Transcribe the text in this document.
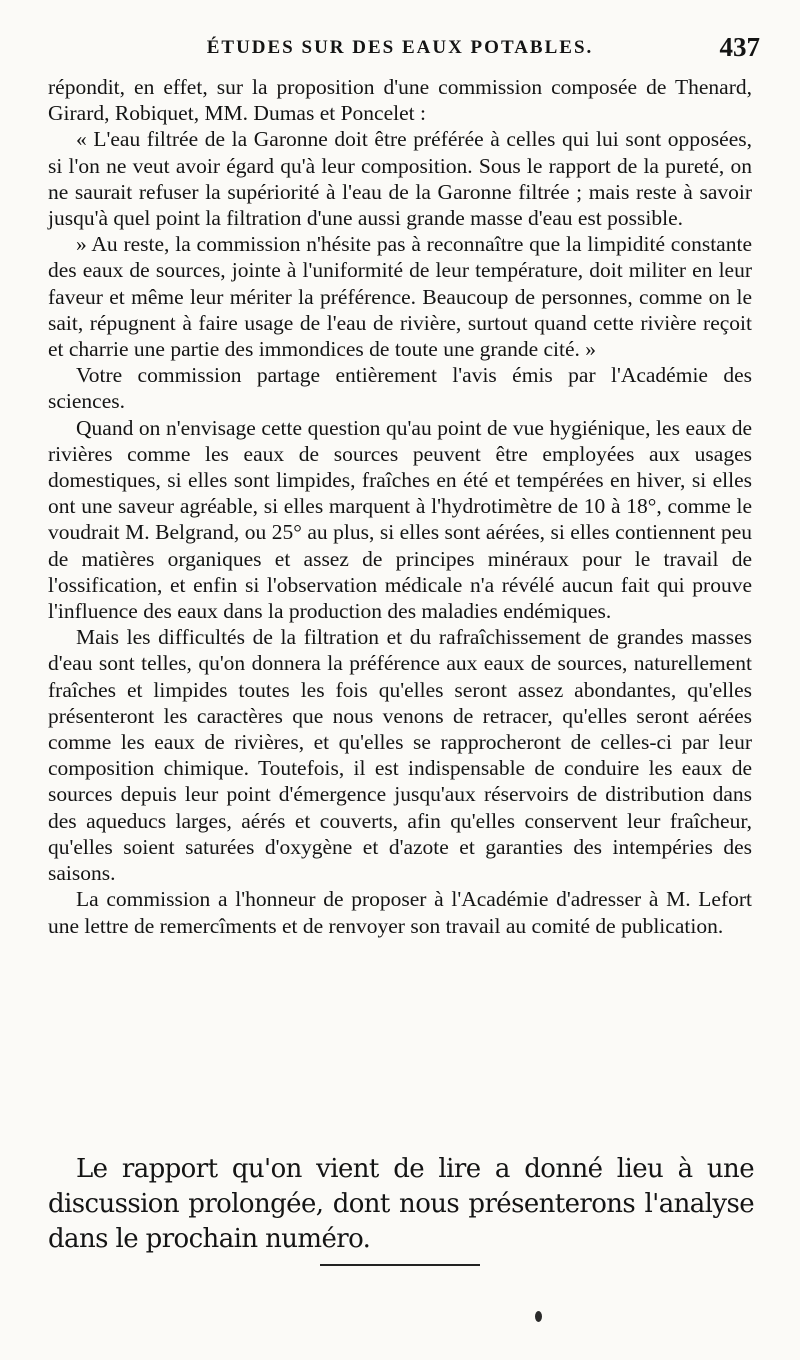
ÉTUDES SUR DES EAUX POTABLES.	437

répondit, en effet, sur la proposition d'une commission composée de Thenard, Girard, Robiquet, MM. Dumas et Poncelet :

« L'eau filtrée de la Garonne doit être préférée à celles qui lui sont opposées, si l'on ne veut avoir égard qu'à leur composition. Sous le rapport de la pureté, on ne saurait refuser la supériorité à l'eau de la Garonne filtrée ; mais reste à savoir jusqu'à quel point la filtration d'une aussi grande masse d'eau est possible.

» Au reste, la commission n'hésite pas à reconnaître que la limpidité constante des eaux de sources, jointe à l'uniformité de leur température, doit militer en leur faveur et même leur mériter la préférence. Beaucoup de personnes, comme on le sait, répugnent à faire usage de l'eau de rivière, surtout quand cette rivière reçoit et charrie une partie des immondices de toute une grande cité. »

Votre commission partage entièrement l'avis émis par l'Académie des sciences.

Quand on n'envisage cette question qu'au point de vue hygiénique, les eaux de rivières comme les eaux de sources peuvent être employées aux usages domestiques, si elles sont limpides, fraîches en été et tempérées en hiver, si elles ont une saveur agréable, si elles marquent à l'hydrotimètre de 10 à 18°, comme le voudrait M. Belgrand, ou 25° au plus, si elles sont aérées, si elles contiennent peu de matières organiques et assez de principes minéraux pour le travail de l'ossification, et enfin si l'observation médicale n'a révélé aucun fait qui prouve l'influence des eaux dans la production des maladies endémiques.

Mais les difficultés de la filtration et du rafraîchissement de grandes masses d'eau sont telles, qu'on donnera la préférence aux eaux de sources, naturellement fraîches et limpides toutes les fois qu'elles seront assez abondantes, qu'elles présenteront les caractères que nous venons de retracer, qu'elles seront aérées comme les eaux de rivières, et qu'elles se rapprocheront de celles-ci par leur composition chimique. Toutefois, il est indispensable de conduire les eaux de sources depuis leur point d'émergence jusqu'aux réservoirs de distribution dans des aqueducs larges, aérés et couverts, afin qu'elles conservent leur fraîcheur, qu'elles soient saturées d'oxygène et d'azote et garanties des intempéries des saisons.

La commission a l'honneur de proposer à l'Académie d'adresser à M. Lefort une lettre de remercîments et de renvoyer son travail au comité de publication.

Le rapport qu'on vient de lire a donné lieu à une discussion prolongée, dont nous présenterons l'analyse dans le prochain numéro.
